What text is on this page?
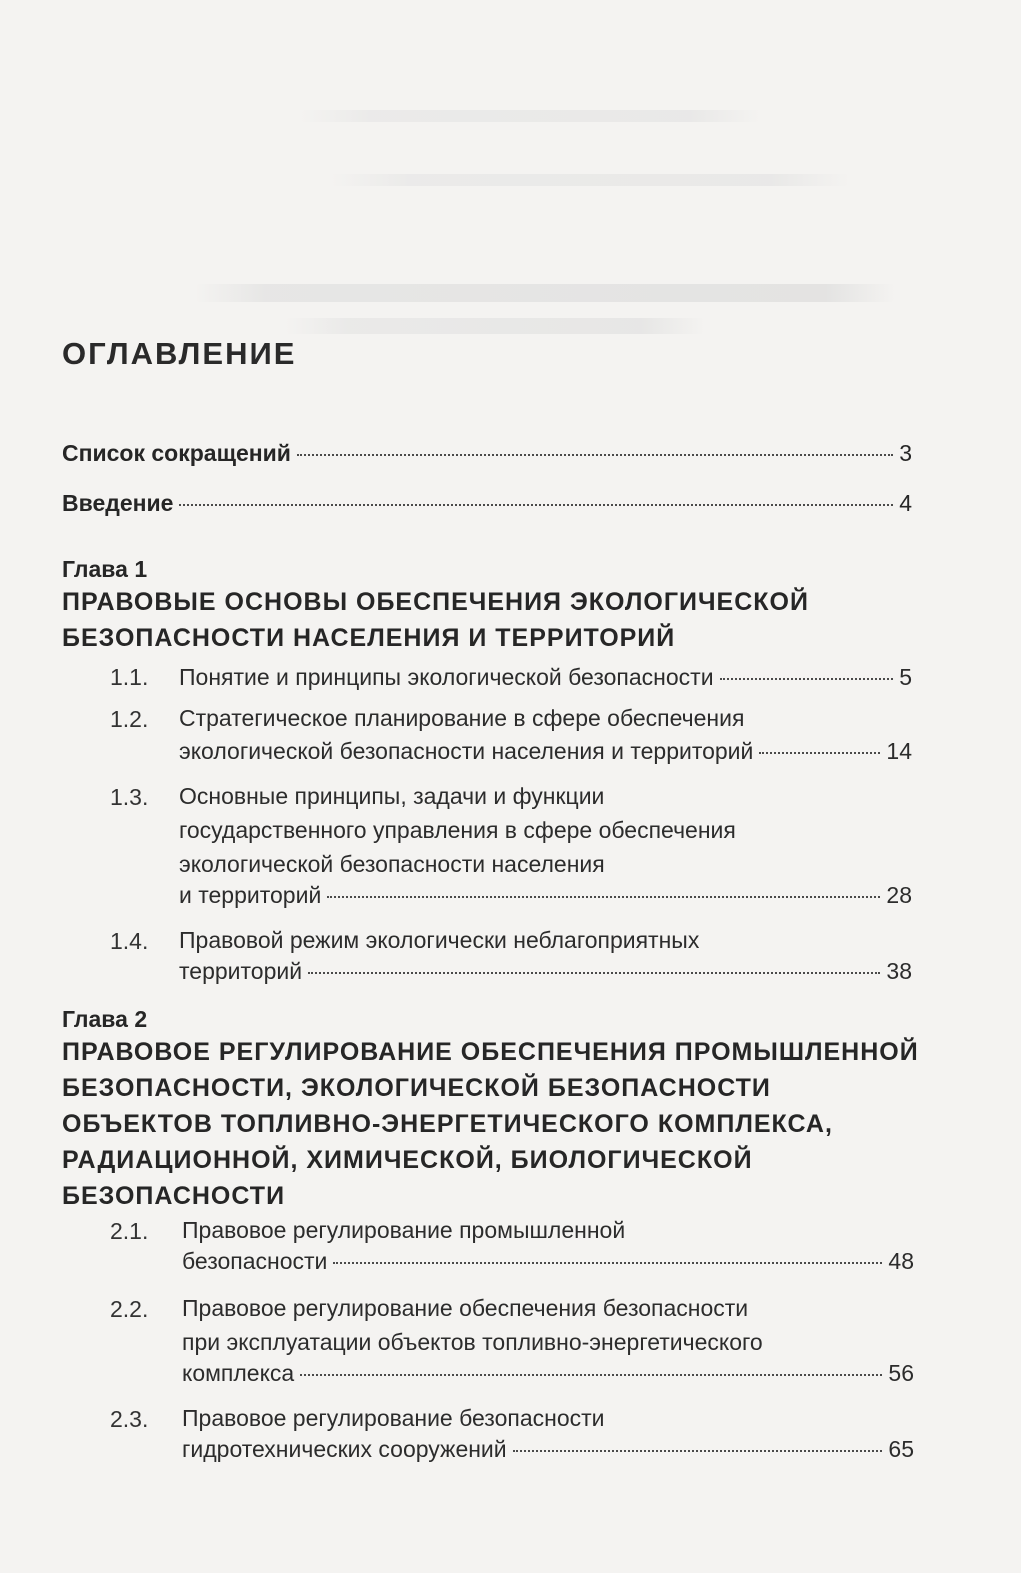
ОГЛАВЛЕНИЕ
Список сокращений	3
Введение	4
Глава 1
ПРАВОВЫЕ ОСНОВЫ ОБЕСПЕЧЕНИЯ ЭКОЛОГИЧЕСКОЙ
БЕЗОПАСНОСТИ НАСЕЛЕНИЯ И ТЕРРИТОРИЙ
1.1. Понятие и принципы экологической безопасности	5
1.2. Стратегическое планирование в сфере обеспечения
экологической безопасности населения и территорий	14
1.3. Основные принципы, задачи и функции
государственного управления в сфере обеспечения
экологической безопасности населения
и территорий	28
1.4. Правовой режим экологически неблагоприятных
территорий	38
Глава 2
ПРАВОВОЕ РЕГУЛИРОВАНИЕ ОБЕСПЕЧЕНИЯ ПРОМЫШЛЕННОЙ
БЕЗОПАСНОСТИ, ЭКОЛОГИЧЕСКОЙ БЕЗОПАСНОСТИ
ОБЪЕКТОВ ТОПЛИВНО-ЭНЕРГЕТИЧЕСКОГО КОМПЛЕКСА,
РАДИАЦИОННОЙ, ХИМИЧЕСКОЙ, БИОЛОГИЧЕСКОЙ
БЕЗОПАСНОСТИ
2.1. Правовое регулирование промышленной
безопасности	48
2.2. Правовое регулирование обеспечения безопасности
при эксплуатации объектов топливно-энергетического
комплекса	56
2.3. Правовое регулирование безопасности
гидротехнических сооружений	65
